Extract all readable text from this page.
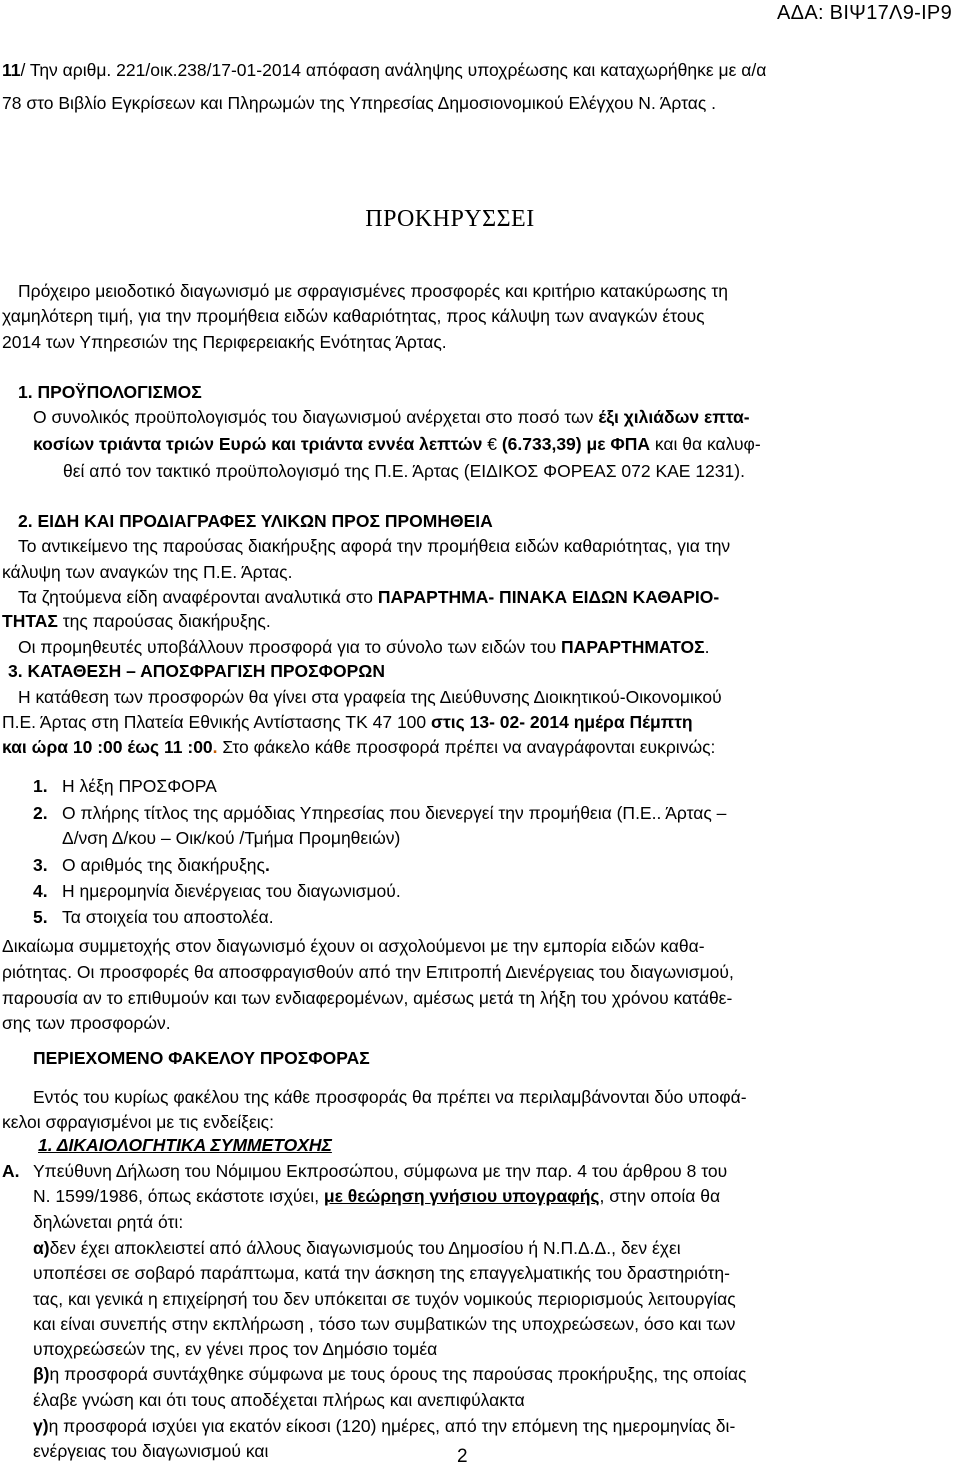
ΑΔΑ: ΒΙΨ17Λ9-ΙΡ9
11/ Την αριθμ. 221/οικ.238/17-01-2014 απόφαση ανάληψης υποχρέωσης και καταχωρήθηκε με α/α
78 στο Βιβλίο Εγκρίσεων και Πληρωμών της Υπηρεσίας Δημοσιονομικού Ελέγχου Ν. Άρτας .
ΠΡΟΚΗΡΥΣΣΕΙ
Πρόχειρο μειοδοτικό διαγωνισμό με σφραγισμένες προσφορές και κριτήριο κατακύρωσης τη
χαμηλότερη τιμή, για την προμήθεια ειδών καθαριότητας, προς κάλυψη των αναγκών έτους
2014 των Υπηρεσιών της Περιφερειακής Ενότητας Άρτας.
1. ΠΡΟΫΠΟΛΟΓΙΣΜΟΣ
Ο συνολικός προϋπολογισμός του διαγωνισμού ανέρχεται στο ποσό των έξι χιλιάδων επτα-
κοσίων τριάντα τριών Ευρώ και τριάντα εννέα λεπτών € (6.733,39) με ΦΠΑ και θα καλυφ-
θεί από τον τακτικό προϋπολογισμό της Π.Ε. Άρτας (ΕΙΔΙΚΟΣ ΦΟΡΕΑΣ 072 ΚΑΕ 1231).
2. ΕΙΔΗ ΚΑΙ ΠΡΟΔΙΑΓΡΑΦΕΣ ΥΛΙΚΩΝ ΠΡΟΣ ΠΡΟΜΗΘΕΙΑ
Το αντικείμενο της παρούσας διακήρυξης αφορά την προμήθεια ειδών καθαριότητας, για την
κάλυψη των αναγκών της Π.Ε. Άρτας.
Τα ζητούμενα είδη αναφέρονται αναλυτικά στο ΠΑΡΑΡΤΗΜΑ- ΠΙΝΑΚΑ ΕΙΔΩΝ ΚΑΘΑΡΙΟ-
ΤΗΤΑΣ της παρούσας διακήρυξης.
Οι προμηθευτές υποβάλλουν προσφορά για το σύνολο των ειδών του ΠΑΡΑΡΤΗΜΑΤΟΣ.
3. ΚΑΤΑΘΕΣΗ – ΑΠΟΣΦΡΑΓΙΣΗ ΠΡΟΣΦΟΡΩΝ
Η κατάθεση των προσφορών θα γίνει στα γραφεία της Διεύθυνσης Διοικητικού-Οικονομικού
Π.Ε. Άρτας στη Πλατεία Εθνικής Αντίστασης ΤΚ 47 100 στις 13- 02- 2014 ημέρα Πέμπτη
και ώρα 10 :00 έως 11 :00. Στο φάκελο κάθε προσφορά πρέπει να αναγράφονται ευκρινώς:
1. Η λέξη ΠΡΟΣΦΟΡΑ
2. Ο πλήρης τίτλος της αρμόδιας Υπηρεσίας που διενεργεί την προμήθεια (Π.Ε.. Άρτας –
Δ/νση Δ/κου – Οικ/κού /Τμήμα Προμηθειών)
3. Ο αριθμός της διακήρυξης.
4. Η ημερομηνία διενέργειας του διαγωνισμού.
5. Τα στοιχεία του αποστολέα.
Δικαίωμα συμμετοχής στον διαγωνισμό έχουν οι ασχολούμενοι με την εμπορία ειδών καθα-
ριότητας. Οι προσφορές θα αποσφραγισθούν από την Επιτροπή Διενέργειας του διαγωνισμού,
παρουσία αν το επιθυμούν και των ενδιαφερομένων, αμέσως μετά τη λήξη του χρόνου κατάθε-
σης των προσφορών.
ΠΕΡΙΕΧΟΜΕΝΟ ΦΑΚΕΛΟΥ ΠΡΟΣΦΟΡΑΣ
Εντός του κυρίως φακέλου της κάθε προσφοράς θα πρέπει να περιλαμβάνονται δύο υποφά-
κελοι σφραγισμένοι με τις ενδείξεις:
1. ΔΙΚΑΙΟΛΟΓΗΤΙΚΑ ΣΥΜΜΕΤΟΧΗΣ
Α. Υπεύθυνη Δήλωση του Νόμιμου Εκπροσώπου, σύμφωνα με την παρ. 4 του άρθρου 8 του
Ν. 1599/1986, όπως εκάστοτε ισχύει, με θεώρηση γνήσιου υπογραφής, στην οποία θα
δηλώνεται ρητά ότι:
α)δεν έχει αποκλειστεί από άλλους διαγωνισμούς του Δημοσίου ή Ν.Π.Δ.Δ., δεν έχει
υποπέσει σε σοβαρό παράπτωμα, κατά την άσκηση της επαγγελματικής του δραστηριότη-
τας, και γενικά η επιχείρησή του δεν υπόκειται σε τυχόν νομικούς περιορισμούς λειτουργίας
και είναι συνεπής στην εκπλήρωση , τόσο των συμβατικών της υποχρεώσεων, όσο και των
υποχρεώσεών της, εν γένει προς τον Δημόσιο τομέα
β)η προσφορά συντάχθηκε σύμφωνα με τους όρους της παρούσας προκήρυξης, της οποίας
έλαβε γνώση και ότι τους αποδέχεται πλήρως και ανεπιφύλακτα
γ)η προσφορά ισχύει για εκατόν είκοσι (120) ημέρες, από την επόμενη της ημερομηνίας δι-
ενέργειας του διαγωνισμού και	2
